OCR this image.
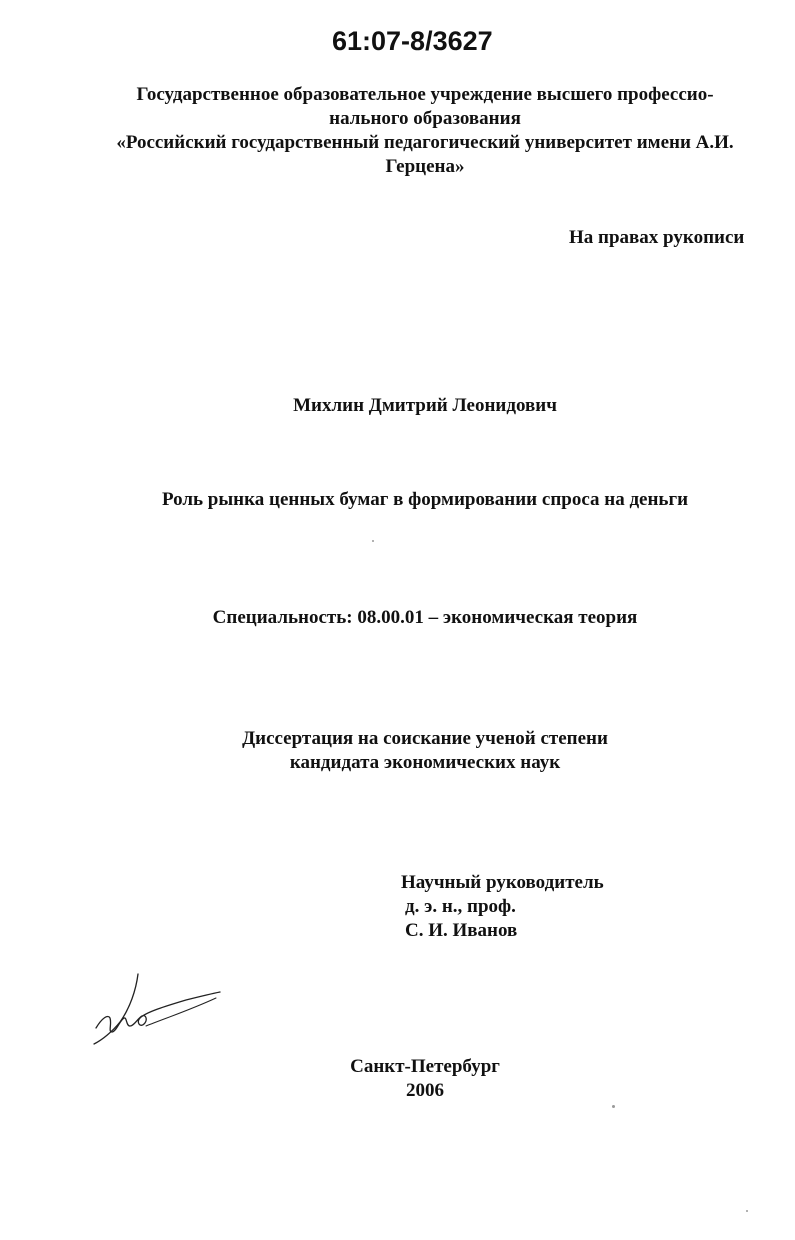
61:07-8/3627

Государственное образовательное учреждение высшего профессио-

нального образования

«Российский государственный педагогический университет имени А.И.

Герцена»

На правах рукописи

Михлин Дмитрий Леонидович

Роль рынка ценных бумаг в формировании спроса на деньги

Специальность: 08.00.01 – экономическая теория

Диссертация на соискание ученой степени

кандидата экономических наук

Научный руководитель

д. э. н., проф.

С. И. Иванов

Санкт-Петербург

2006
